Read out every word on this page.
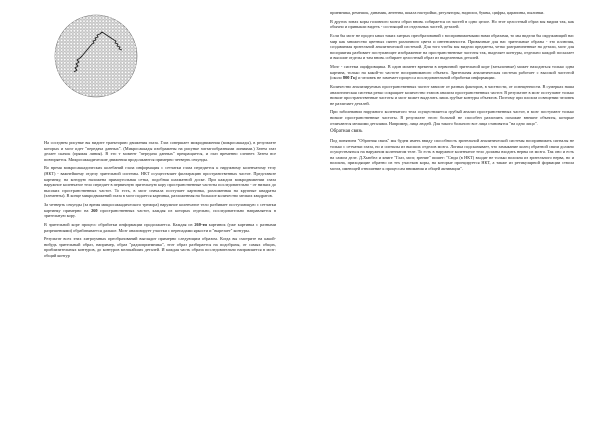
На соседнем рисунке вы видите траекторию движения глаза. Глаз совершает микродвижения (микросаккады), в результате которых и мозг идет "передача данных". (Микросаккады изображены на рисунке зигзагообразными линиями.) Затем глаз делает скачок (прямая линия). В это т момент "передача данных" прекращается, и глаз временно слепнет. Затем все повторяется. Микросаккадические движения продолжаются примерно четверть секунды.

Во время микросаккадических колебаний глаза информация с сетчатки глаза передается к наружному коленчатому телу (НКТ) - важнейшему отделу зрительной системы. НКТ осуществляет фильтрацию пространственных частот. Представьте картинку, на которую наложена прямоугольная сетка, подобная шахматной доске. При каждом микродвижении глаза наружное коленчатое тело передает в первичную зрительную кору пространственные частоты последовательно - от низких до высоких пространственных частот. То есть, в мозг сначала поступает картинка, разложенная на крупные квадраты (элементы). В конце микродвижений глаза в мозг подается картинка, разложенная на большое количество мелких квадратов.

За четверть секунды (за время микросаккадического тремора) наружное коленчатое тело разбивает поступающую с сетчатки картинку примерно на 260 пространственных частот, каждая из которых отдельно, последовательно направляется в зрительную кору.

В зрительной коре процесс обработки информации продолжается. Каждая из 260-ти картинок (уже картинка с разными разрешениями) обрабатывается дальше. Мозг анализирует участки с перепадами яркости и "вырезает" контуры.

Результат всех этих хитроумных преобразований выглядит примерно следующим образом. Когда вы смотрите на какой-нибудь зрительный образ, например, образ "радиоприемника", этот образ разбирается на подобразы, от самых общих, приблизительных контуров, до контуров мельчайших деталей. И каждая часть образа последовательно направляется в мозг: общий контур

приемника, ремешок, динамик, антенна, шкала настройки, регуляторы, надписи, буквы, цифры, царапины, пылинки.

В других зонах коры головного мозга образ вновь собирается из частей в одно целое. Но этот целостный образ мы видим так, как обычно и привыкли видеть - состоящий из отдельных частей, деталей.

Если бы мозг не продел ывал таких хитрых преобразований с воспринимаемыми нами образами, то мы видели бы окружающий нас мир как множество цветных пятен различного цвета и интенсивности. Привычные для нас зрительные образы - это иллюзия, создаваемая зрительной аналитической системой. Для того чтобы мы видели предметы, четко разграниченные на детали, мозг для восприятия разбивает поступающее изображение на пространственные частоты так, выделяет контуры, отдельно каждой посылает и высшие отделы и там вновь собирает целостный образ из выделенных деталей.

Мозг - система оцифровщика. В один момент времени в первичной зрительной коре (затылочные) может находиться только одна картина, только на какой-то частоте восприниманого объекта. Зрительная аналитическая система работает с высокой частотой (около 800 Гц) и человек не замечает процесса последовательной обработки информации.

Количество анализируемых пространственных частот зависит от разных факторов, в частности, от освещенности. В сумерках наша аналитическая система резко сокращает количество этапов анализа пространственных частот. В результате в мозг поступают только низкие пространственные частоты и мозг может выделить лишь грубые контуры объектов. Поэтому при плохом освещении человек не различает деталей.

При заболевании наружного коленчатого тела осуществляется грубый анализ пространственных частот, в мозг поступают только низкие пространственные частоты. В результате этого больной не способен различить похожие внешне объекты, которые отличаются мелкими деталями. Например, лица людей. Для такого больного все лица становятся "на одно лицо".

Обратная связь

Под понятием "Обратная связь" мы будем иметь ввиду способность зрительной аналитической системы воспринимать сигналы не только с сетчатки глаза, но и сигналы из высших отделов мозга. Логика подсказывает, что замыкание колец обратной связи должно осуществляться на наружном коленчатом теле. То есть в наружное коленчатое тело должны входить нервы из мозга. Так оно и есть на самом деле. Д.Хьюбел и книге "Глаз, мозг, зрение" пишет: "Сюда (в НКТ) входят не только волокна из зрительного нерва, но и волокна, приходящие обратно из тех участков коры, на которые проецируется НКТ, а также из ретикулярной формации ствола мозга, имеющей отношение к процессам внимания и общей активации".
